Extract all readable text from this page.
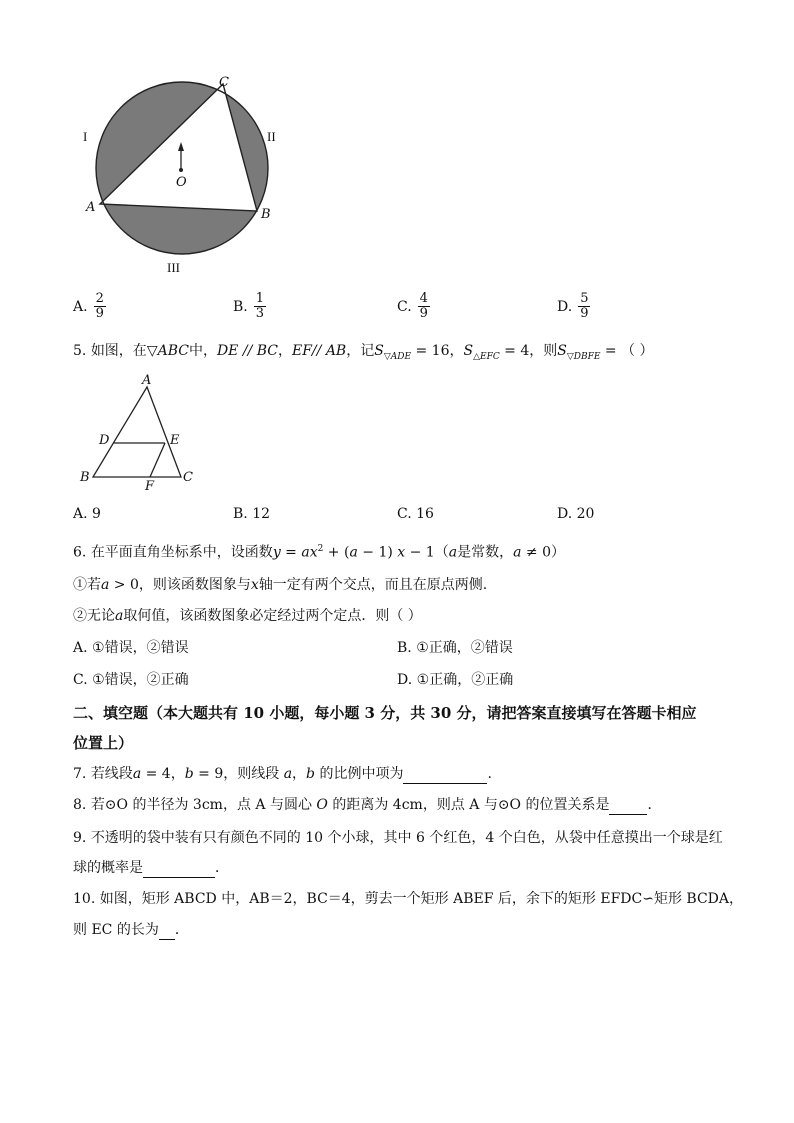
C
I	II
III
O
A	B
A. $\frac{2}{9}$	B. $\frac{1}{3}$	C. $\frac{4}{9}$	D. $\frac{5}{9}$
5. 如图，在▽ABC中，DE // BC，EF// AB，记$S_{▽ADE} = 16$，$S_{\triangle EFC} = 4$，则$S_{▽DBFE}$ = （ ）
A
D	E
B
F
C
A. 9	B. 12	C. 16	D. 20
6. 在平面直角坐标系中，设函数$y = ax^2 + (a - 1) x - 1(a$是常数，a ≠ 0）
①若a > 0，则该函数图象与x轴一定有两个交点，而且在原点两侧.
②无论a取何值，该函数图象必定经过两个定点．则（ ）
A. ①错误，②错误	B. ①正确，②错误
C. ①错误，②正确	D. ①正确，②正确
二、填空题（本大题共有 10 小题，每小题 3 分，共 30 分，请把答案直接填写在答题卡相应
位置上）
7. 若线段a = 4，b = 9，则线段 a，b 的比例中项为	.
8. 若⊙O 的半径为 3cm，点 A 与圆心 O 的距离为 4cm，则点 A 与⊙O 的位置关系是	．
9. 不透明的袋中装有只有颜色不同的 10 个小球，其中 6 个红色，4 个白色，从袋中任意摸出一个球是红
球的概率是	．
10. 如图，矩形 ABCD 中，AB＝2，BC＝4，剪去一个矩形 ABEF 后，余下的矩形 EFDC∽矩形 BCDA，
则 EC 的长为 ．
